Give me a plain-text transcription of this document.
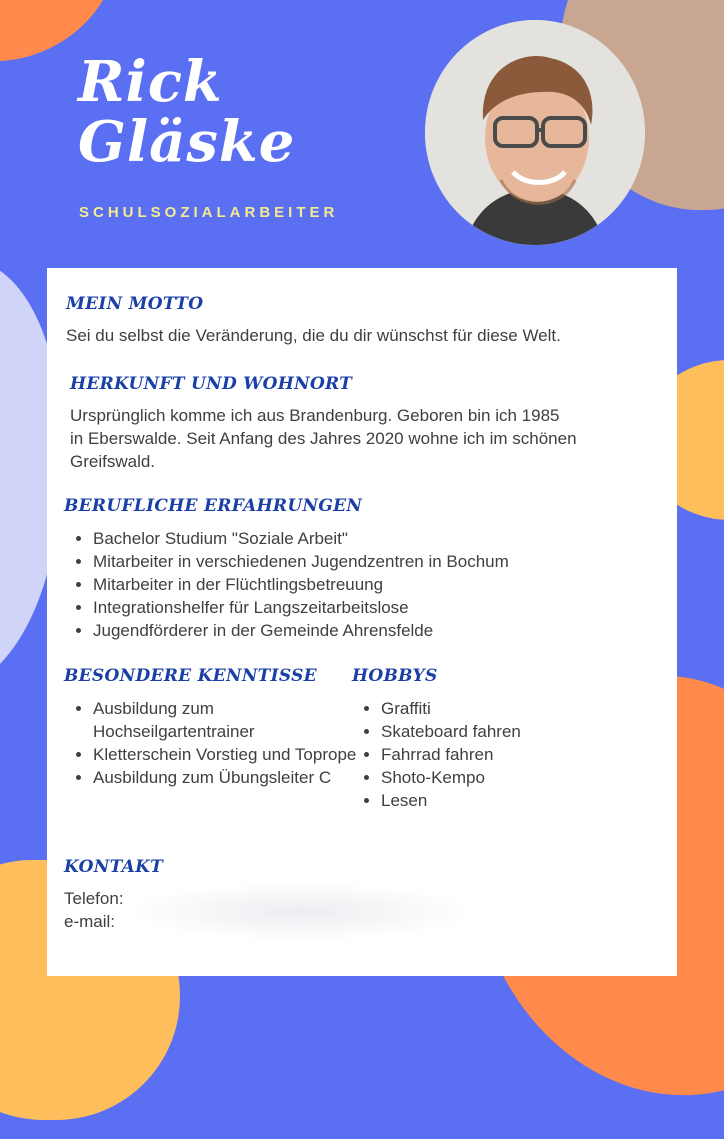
Rick
Gläske
SCHULSOZIALARBEITER
MEIN MOTTO

Sei du selbst die Veränderung, die du dir wünschst für diese Welt.

HERKUNFT UND WOHNORT

Ursprünglich komme ich aus Brandenburg. Geboren bin ich 1985
in Eberswalde. Seit Anfang des Jahres 2020 wohne ich im schönen
Greifswald.

BERUFLICHE ERFAHRUNGEN
• Bachelor Studium "Soziale Arbeit"
• Mitarbeiter in verschiedenen Jugendzentren in Bochum
• Mitarbeiter in der Flüchtlingsbetreuung
• Integrationshelfer für Langszeitarbeitslose
• Jugendförderer in der Gemeinde Ahrensfelde
BESONDERE KENNTISSE
• Ausbildung zum Hochseilgartentrainer
• Kletterschein Vorstieg und Toprope
• Ausbildung zum Übungsleiter C
HOBBYS
• Graffiti
• Skateboard fahren
• Fahrrad fahren
• Shoto-Kempo
• Lesen
KONTAKT

Telefon:

e-mail:
